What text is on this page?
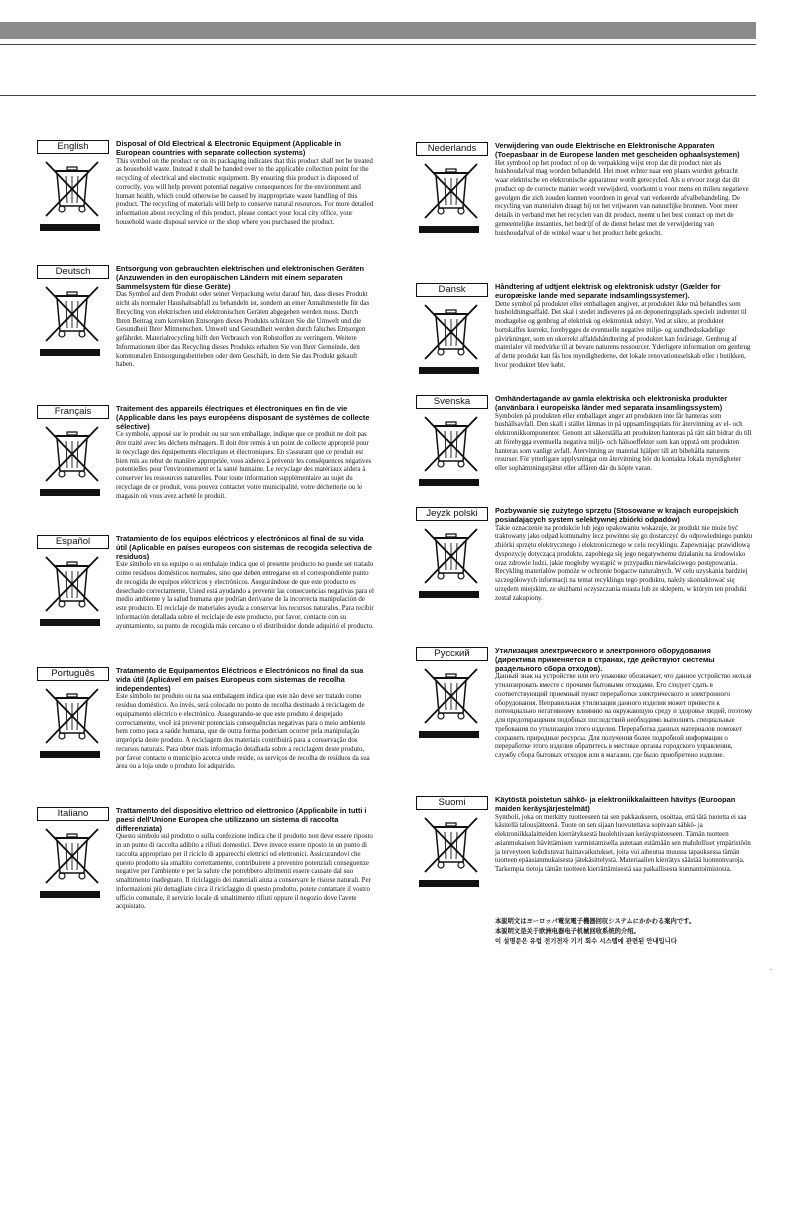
English	Disposal of Old Electrical & Electronic Equipment (Applicable in European countries with separate collection systems)

This symbol on the product or on its packaging indicates that this product shall not be treated as household waste. Instead it shall be handed over to the applicable collection point for the recycling of electrical and electronic equipment. By ensuring this product is disposed of correctly, you will help prevent potential negative consequences for the environment and human health, which could otherwise be caused by inappropriate waste handling of this product. The recycling of materials will help to conserve natural resources. For more detailed information about recycling of this product, please contact your local city office, your household waste disposal service or the shop where you purchased the product.

Deutsch	Entsorgung von gebrauchten elektrischen und elektronischen Geräten (Anzuwenden in den europäischen Ländern mit einem separaten Sammelsystem für diese Geräte)

Das Symbol auf dem Produkt oder seiner Verpackung weist darauf hin, dass dieses Produkt nicht als normaler Haushaltsabfall zu behandeln ist, sondern an einer Annahmestelle für das Recycling von elektrischen und elektronischen Geräten abgegeben werden muss. Durch Ihren Beitrag zum korrekten Entsorgen dieses Produkts schützen Sie die Umwelt und die Gesundheit Ihrer Mitmenschen. Umwelt und Gesundheit werden durch falsches Entsorgen gefährdet. Materialrecycling hilft den Verbrauch von Rohstoffen zu verringern. Weitere Informationen über das Recycling dieses Produkts erhalten Sie von Ihrer Gemeinde, den kommunalen Entsorgungsbetrieben oder dem Geschäft, in dem Sie das Produkt gekauft haben.

Français	Traitement des appareils électriques et électroniques en fin de vie (Applicable dans les pays européens disposant de systèmes de collecte sélective)

Ce symbole, apposé sur le produit ou sur son emballage, indique que ce produit ne doit pas être traité avec les déchets ménagers. Il doit être remis à un point de collecte approprié pour le recyclage des équipements électriques et électroniques. En s'assurant que ce produit est bien mis au rebut de manière appropriée, vous aiderez à prévenir les conséquences négatives potentielles pour l'environnement et la santé humaine. Le recyclage des matériaux aidera à conserver les ressources naturelles. Pour toute information supplémentaire au sujet du recyclage de ce produit, vous pouvez contacter votre municipalité, votre déchetterie ou le magasin où vous avez acheté le produit.

Español	Tratamiento de los equipos eléctricos y electrónicos al final de su vida útil (Aplicable en países europeos con sistemas de recogida selectiva de residuos)

Este símbolo en su equipo o su embalaje indica que el presente producto no puede ser tratado como residuos domésticos normales, sino que deben entregarse en el correspondiente punto de recogida de equipos eléctricos y electrónicos. Asegurándose de que este producto es desechado correctamente, Usted está ayudando a prevenir las consecuencias negativas para el medio ambiente y la salud humana que podrían derivarse de la incorrecta manipulación de este producto. El reciclaje de materiales ayuda a conservar los recursos naturales. Para recibir información detallada sobre el reciclaje de este producto, por favor, contacte con su ayuntamiento, su punto de recogida más cercano o el distribuidor donde adquirió el producto.

Português	Tratamento de Equipamentos Eléctricos e Electrónicos no final da sua vida útil (Aplicável em países Europeus com sistemas de recolha independentes)

Este símbolo no produto ou na sua embalagem indica que este não deve ser tratado como resíduo doméstico. Ao invés, será colocado no ponto de recolha destinado à reciclagem de equipamento eléctrico e electrónico. Assegurando-se que este produto é despejado correctamente, você irá prevenir potenciais consequências negativas para o meio ambiente bem como para a saúde humana, que de outra forma poderiam ocorrer pela manipulação imprópria deste produto. A reciclagem dos materiais contribuirá para a conservação dos recursos naturais. Para obter mais informação detalhada sobre a reciclagem deste produto, por favor contacte o município acerca onde reside, os serviços de recolha de resíduos da sua área ou a loja onde o produto foi adquirido.

Italiano	Trattamento del dispositivo elettrico od elettronico (Applicabile in tutti i paesi dell'Unione Europea che utilizzano un sistema di raccolta differenziata)

Questo simbolo sul prodotto o sulla confezione indica che il prodotto non deve essere riposto in un punto di raccolta adibito a rifiuti domestici. Deve invece essere riposto in un punto di raccolta appropriato per il riciclo di apparecchi elettrici od elettronici. Assicurandovi che questo prodotto sia smaltito correttamente, contribuirete a prevenire potenziali conseguenze negative per l'ambiente e per la salute che potrebbero altrimenti essere causate dal suo smaltimento inadeguato. Il riciclaggio dei materiali aiuta a conservare le risorse naturali. Per informazioni più dettagliate circa il riciclaggio di questo prodotto, potete contattare il vostro ufficio comunale, il servizio locale di smaltimento rifiuti oppure il negozio dove l'avete acquistato.

Nederlands	Verwijdering van oude Elektrische en Elektronische Apparaten (Toepasbaar in de Europese landen met gescheiden ophaalsystemen)

Het symbool op het product of op de verpakking wijst erop dat dit product niet als huishoudafval mag worden behandeld. Het moet echter naar een plaats worden gebracht waar elektrische en elektronische apparatuur wordt gerecycled. Als u ervoor zorgt dat dit product op de correcte manier wordt verwijderd, voorkomt u voor mens en milieu negatieve gevolgen die zich zouden kunnen voordoen in geval van verkeerde afvalbehandeling. De recycling van materialen draagt bij tot het vrijwaren van natuurlijke bronnen. Voor meer details in verband met het recyclen van dit product, neemt u het best contact op met de gemeentelijke instanties, het bedrijf of de dienst belast met de verwijdering van huishoudafval of de winkel waar u het product hebt gekocht.

Dansk	Håndtering af udtjent elektrisk og elektronisk udstyr (Gælder for europæiske lande med separate indsamlingssystemer).

Dette symbol på produktet eller emballagen angiver, at produktet ikke må behandles som husholdningsaffald. Det skal i stedet indleveres på en deponeringsplads specielt indrettet til modtagelse og genbrug af elektrisk og elektronisk udstyr. Ved at sikre, at produktet bortskaffes korrekt, forebygges de eventuelle negative miljø- og sundhedsskadelige påvirkninger, som en ukorrekt affaldshåndtering af produktet kan forårsage. Genbrug af materialer vil medvirke til at bevare naturens ressourcer. Yderligere information om genbrug af dette produkt kan fås hos myndighederne, det lokale renovationsselskab eller i butikken, hvor produktet blev købt.

Svenska	Omhändertagande av gamla elektriska och elektroniska produkter (använbara i europeiska länder med separata insamlingssystem)

Symbolen på produkten eller emballaget anger att produkten inte får hanteras som hushållsavfall. Den skall i stället lämnas in på uppsamlingsplats för återvinning av el- och elektronikkomponenter. Genom att säkerställa att produkten hanteras på rätt sätt bidrar du till att förebygga eventuella negativa miljö- och hälsoeffekter som kan uppstå om produkten hanteras som vanligt avfall. Återvinning av material hjälper till att bibehålla naturens resurser. För ytterligare upplysningar om återvinning bör du kontakta lokala myndigheter eller sophämtningstjänst eller affären där du köpte varan.

Jeyzk polski	Pozbywanie się zużytego sprzętu (Stosowane w krajach europejskich posiadających system selektywnej zbiórki odpadów)

Takie oznaczenie na produkcie lub jego opakowaniu wskazuje, że produkt nie może być traktowany jako odpad komunalny lecz powinno się go dostarczyć do odpowiedniego punktu zbiórki sprzętu elektrycznego i elektronicznego w celu recyklingu. Zapewniając prawidłową dyspozycję dotyczącą produktu, zapobiega się jego negatywnemu działaniu na środowisko oraz zdrowie ludzi, jakie mogłoby wystąpić w przypadku niewłaściwego postępowania. Recykling materiałów pomoże w ochronie bogactw naturalnych. W celu uzyskania bardziej szczegółowych informacji na temat recyklingu tego produktu, należy skontaktować się urzędem miejskim, ze służbami oczyszczania miasta lub ze sklepem, w którym ten produkt został zakupiony.

Русский	Утилизация электрического и электронного оборудования (директива применяется в странах, где действуют системы раздельного сбора отходов).

Данный знак на устройстве или его упаковке обозначает, что данное устройство нельзя утилизировать вместе с прочими бытовыми отходами. Его следует сдать в соответствующий приемный пункт переработки электрического и электронного оборудования. Неправильная утилизация данного изделия может привести к потенциально негативному влиянию на окружающую среду и здоровье людей, поэтому для предотвращения подобных последствий необходимо выполнять специальные требования по утилизации этого изделия. Переработка данных материалов поможет сохранить природные ресурсы. Для получения более подробной информации о переработке этого изделия обратитесь в местные органы городского управления, службу сбора бытовых отходов или в магазин, где было приобретено изделие.

Suomi	Käytöstä poistetun sähkö- ja elektroniikkalaitteen hävitys (Euroopan maiden keräysjärjestelmät)

Symboli, joka on merkitty tuotteeseen tai sen pakkaukseen, osoittaa, että tätä tuotetta ei saa käsitellä talousjätteenä. Tuote on sen sijaan luovutettava sopivaan sähkö- ja elektroniikkalaitteiden kierrätyksestä huolehtivaan keräyspisteeseen. Tämän tuotteen asianmukaisen hävittämisen varmistamisella autetaan estämään sen mahdolliset ympäristöön ja terveyteen kohdistuvat haittavaikutukset, joita voi aiheutua muussa tapauksessa tämän tuotteen epäasianmukaisesta jätekäsittelystä. Materiaalien kierrätys säästää luonnonvaroja. Tarkempia tietoja tämän tuotteen kierrättämisestä saa paikallisesta kunnantoimistosta.

本説明文はヨーロッパ電気電子機器回収システムにかかわる案内です。
本説明文是关于欧洲电器电子机械回收系统的介绍。
이 설명문은 유럽 전기전자 기기 회수 시스템에 관련된 안내입니다
.
